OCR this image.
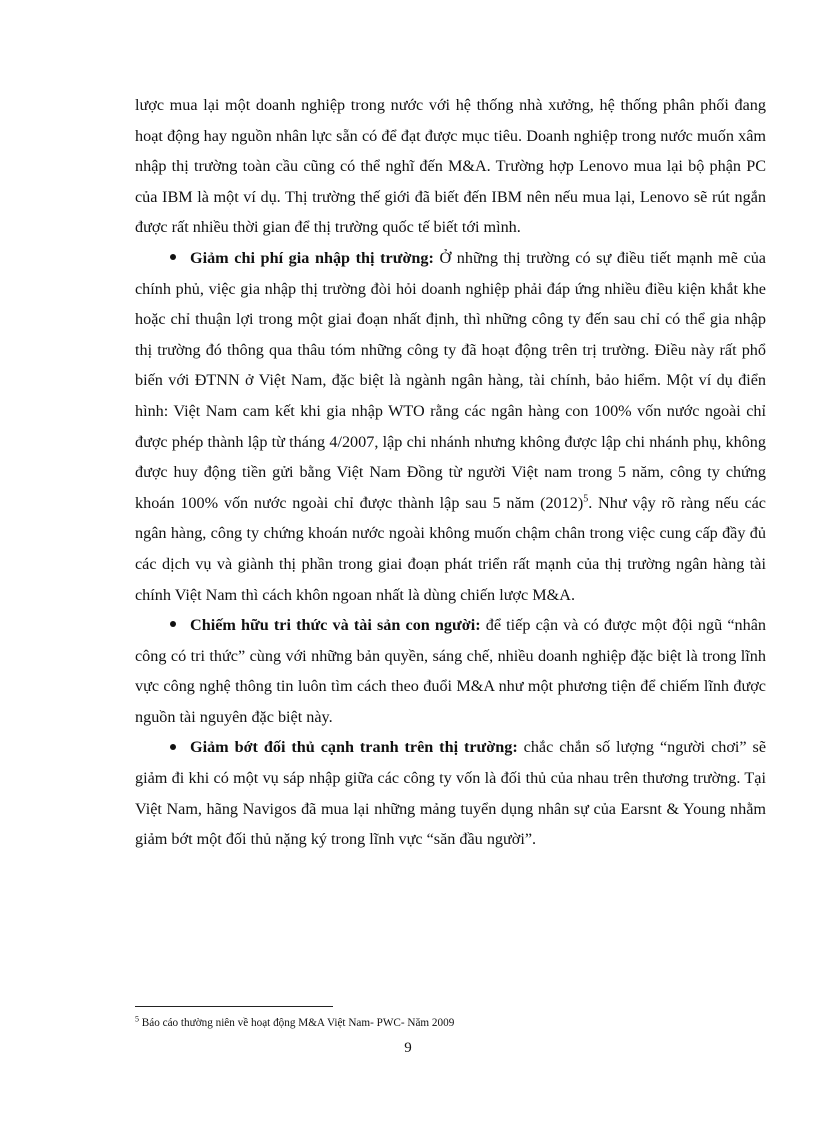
lược mua lại một doanh nghiệp trong nước với hệ thống nhà xưởng, hệ thống phân phối đang hoạt động hay nguồn nhân lực sẵn có để đạt được mục tiêu. Doanh nghiệp trong nước muốn xâm nhập thị trường toàn cầu cũng có thể nghĩ đến M&A. Trường hợp Lenovo mua lại bộ phận PC của IBM là một ví dụ. Thị trường thế giới đã biết đến IBM nên nếu mua lại, Lenovo sẽ rút ngắn được rất nhiều thời gian để thị trường quốc tế biết tới mình.

Giảm chi phí gia nhập thị trường: Ở những thị trường có sự điều tiết mạnh mẽ của chính phủ, việc gia nhập thị trường đòi hỏi doanh nghiệp phải đáp ứng nhiều điều kiện khắt khe hoặc chỉ thuận lợi trong một giai đoạn nhất định, thì những công ty đến sau chỉ có thể gia nhập thị trường đó thông qua thâu tóm những công ty đã hoạt động trên trị trường. Điều này rất phổ biến với ĐTNN ở Việt Nam, đặc biệt là ngành ngân hàng, tài chính, bảo hiểm. Một ví dụ điển hình: Việt Nam cam kết khi gia nhập WTO rằng các ngân hàng con 100% vốn nước ngoài chỉ được phép thành lập từ tháng 4/2007, lập chi nhánh nhưng không được lập chi nhánh phụ, không được huy động tiền gửi bằng Việt Nam Đồng từ người Việt nam trong 5 năm, công ty chứng khoán 100% vốn nước ngoài chỉ được thành lập sau 5 năm $(2012)^5$. Như vậy rõ ràng nếu các ngân hàng, công ty chứng khoán nước ngoài không muốn chậm chân trong việc cung cấp đầy đủ các dịch vụ và giành thị phần trong giai đoạn phát triển rất mạnh của thị trường ngân hàng tài chính Việt Nam thì cách khôn ngoan nhất là dùng chiến lược M&A.

Chiếm hữu tri thức và tài sản con người: để tiếp cận và có được một đội ngũ “nhân công có tri thức” cùng với những bản quyền, sáng chế, nhiều doanh nghiệp đặc biệt là trong lĩnh vực công nghệ thông tin luôn tìm cách theo đuổi M&A như một phương tiện để chiếm lĩnh được nguồn tài nguyên đặc biệt này.

Giảm bớt đối thủ cạnh tranh trên thị trường: chắc chắn số lượng “người chơi” sẽ giảm đi khi có một vụ sáp nhập giữa các công ty vốn là đối thủ của nhau trên thương trường. Tại Việt Nam, hãng Navigos đã mua lại những mảng tuyển dụng nhân sự của Earsnt & Young nhằm giảm bớt một đối thủ nặng ký trong lĩnh vực “săn đầu người”.

$^5$ Báo cáo thường niên về hoạt động M&A Việt Nam- PWC- Năm 2009
9
